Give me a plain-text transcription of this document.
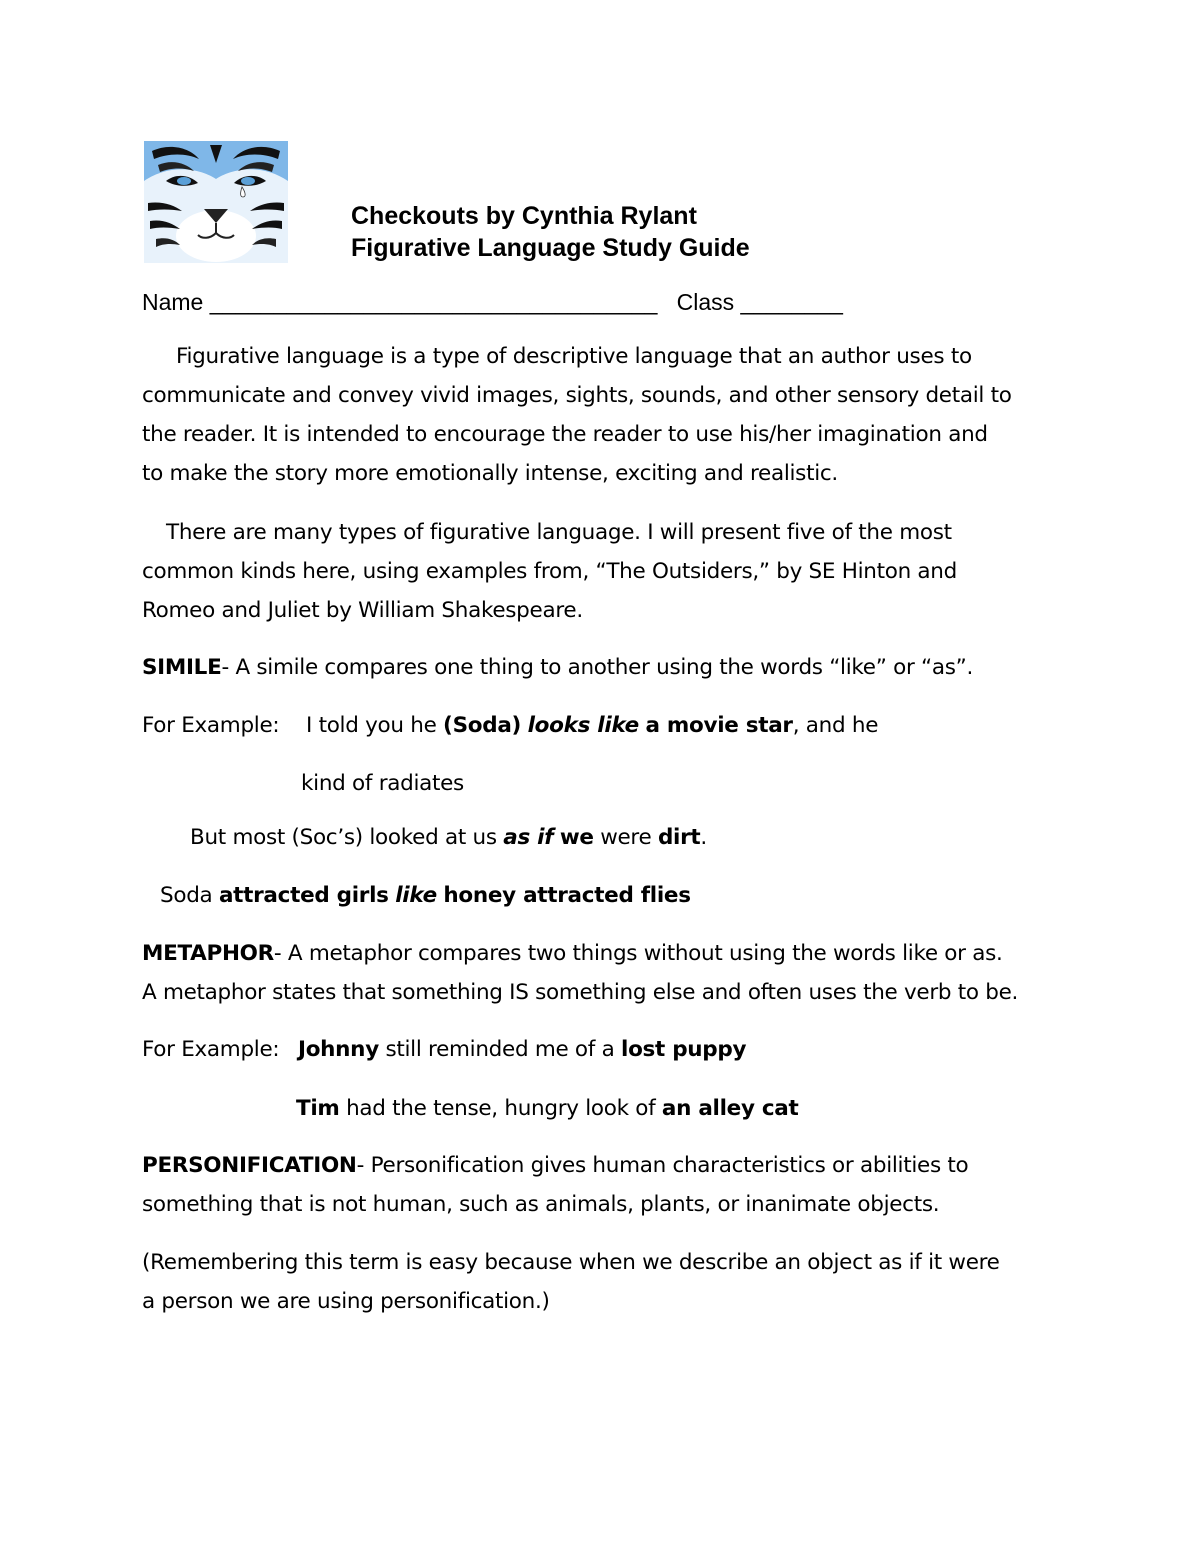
Checkouts by Cynthia Rylant
Figurative Language Study Guide
Name ___________________________________ Class ________
Figurative language is a type of descriptive language that an author uses to
communicate and convey vivid images, sights, sounds, and other sensory detail to
the reader. It is intended to encourage the reader to use his/her imagination and
to make the story more emotionally intense, exciting and realistic.
There are many types of figurative language. I will present five of the most
common kinds here, using examples from, “The Outsiders,” by SE Hinton and
Romeo and Juliet by William Shakespeare.
SIMILE- A simile compares one thing to another using the words “like” or “as”.
For Example: I told you he (Soda) looks like a movie star, and he
kind of radiates
But most (Soc’s) looked at us as if we were dirt.
Soda attracted girls like honey attracted flies
METAPHOR- A metaphor compares two things without using the words like or as.
A metaphor states that something IS something else and often uses the verb to be.
For Example: Johnny still reminded me of a lost puppy
Tim had the tense, hungry look of an alley cat
PERSONIFICATION- Personification gives human characteristics or abilities to
something that is not human, such as animals, plants, or inanimate objects.
(Remembering this term is easy because when we describe an object as if it were
a person we are using personification.)
